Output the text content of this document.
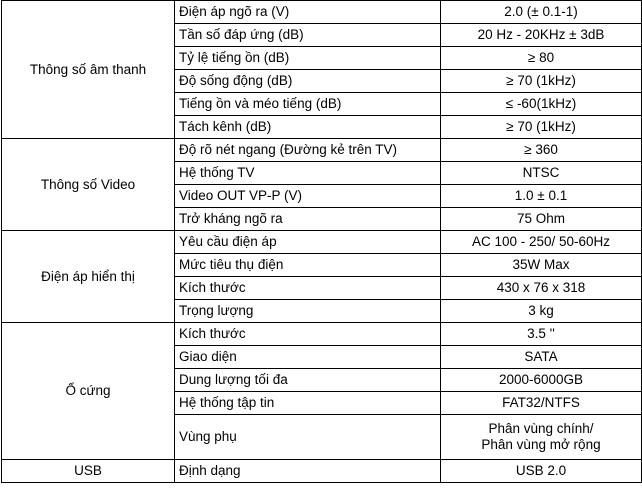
Thông số âm thanh	Điện áp ngõ ra (V)	2.0 (± 0.1-1)
	Tần số đáp ứng (dB)	20 Hz - 20KHz ± 3dB
	Tỷ lệ tiếng ồn (dB)	≥ 80
	Độ sống động (dB)	≥ 70 (1kHz)
	Tiếng ồn và méo tiếng (dB)	≤ -60(1kHz)
	Tách kênh (dB)	≥ 70 (1kHz)
Thông số Video	Độ rõ nét ngang (Đường kẻ trên TV)	≥ 360
	Hệ thống TV	NTSC
	Video OUT VP-P (V)	1.0 ± 0.1
	Trở kháng ngõ ra	75 Ohm
Điện áp hiển thị	Yêu cầu điện áp	AC 100 - 250/ 50-60Hz
	Mức tiêu thụ điện	35W Max
	Kích thước	430 x 76 x 318
	Trọng lượng	3 kg
Ổ cứng	Kích thước	3.5 ''
	Giao diện	SATA
	Dung lượng tối đa	2000-6000GB
	Hệ thống tập tin	FAT32/NTFS
	Vùng phụ	Phân vùng chính/
Phân vùng mở rộng

USB	Định dạng	USB 2.0
